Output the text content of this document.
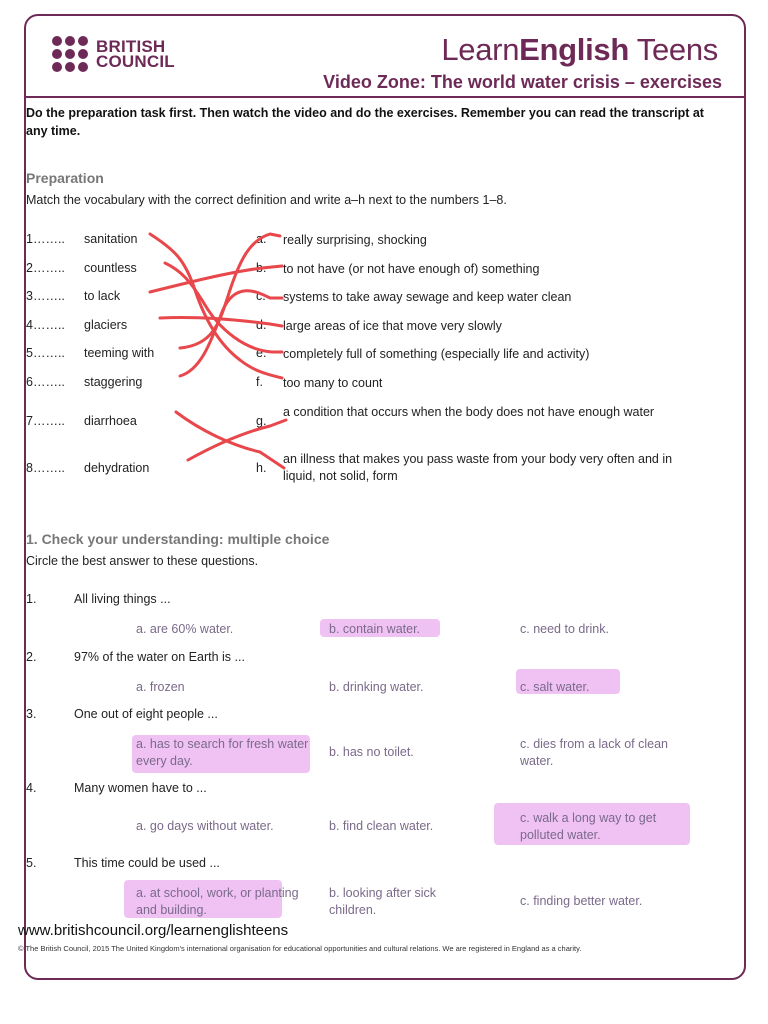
BRITISH
COUNCIL	LearnEnglish Teens
Video Zone: The world water crisis – exercises
Do the preparation task first. Then watch the video and do the exercises. Remember you can read the transcript at any time.
Preparation
Match the vocabulary with the correct definition and write a–h next to the numbers 1–8.
1…….. sanitation	a. really surprising, shocking
2…….. countless	b. to not have (or not have enough of) something
3…….. to lack	c. systems to take away sewage and keep water clean
4…….. glaciers	d. large areas of ice that move very slowly
5…….. teeming with	e. completely full of something (especially life and activity)
6…….. staggering	f. too many to count
7…….. diarrhoea	g.
a condition that occurs when the body does not have enough water
8…….. dehydration	h.
an illness that makes you pass waste from your body very often and in liquid, not solid, form
1. Check your understanding: multiple choice
Circle the best answer to these questions.
1.	All living things ...
a. are 60% water.	b. contain water.	c. need to drink.
2.	97% of the water on Earth is ...
a. frozen	b. drinking water.	c. salt water.
3.	One out of eight people ...
a. has to search for fresh water every day.
b. has no toilet.
c. dies from a lack of clean water.
4.	Many women have to ...
a. go days without water.	b. find clean water.
c. walk a long way to get polluted water.
5.	This time could be used ...
a. at school, work, or planting and building.
b. looking after sick children.
c. finding better water.
www.britishcouncil.org/learnenglishteens
© The British Council, 2015 The United Kingdom's international organisation for educational opportunities and cultural relations. We are registered in England as a charity.
